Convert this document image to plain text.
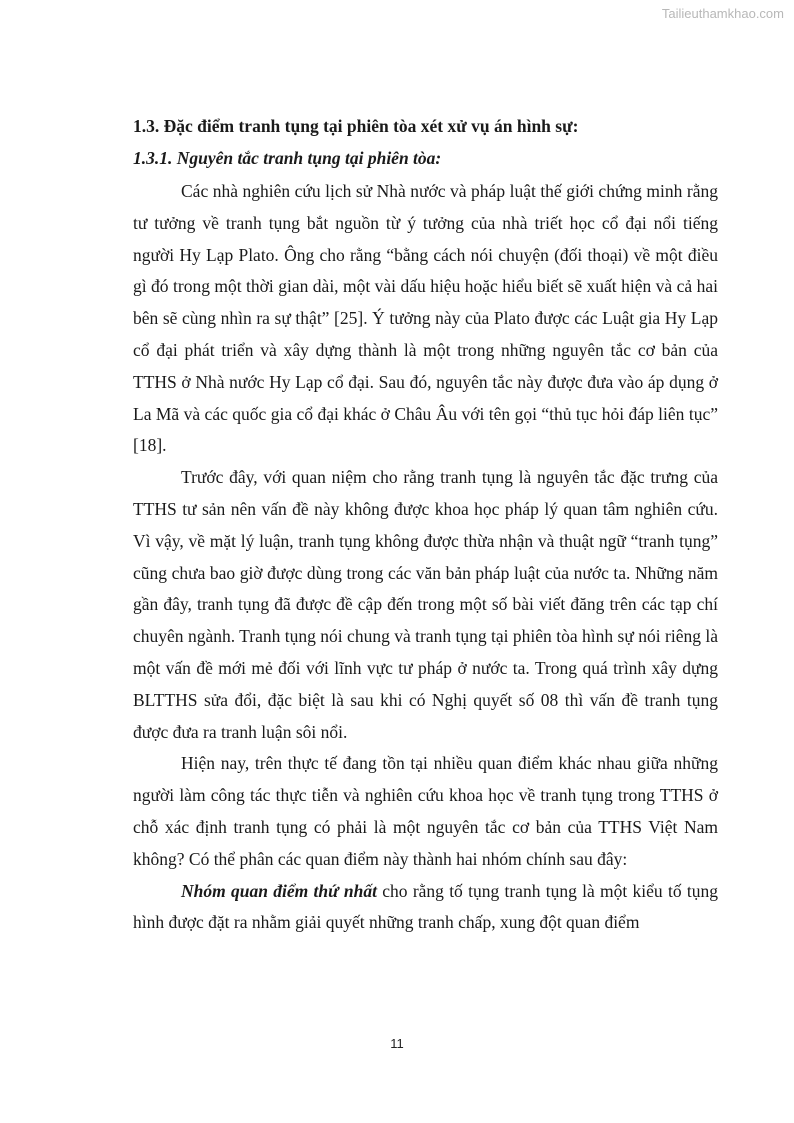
Tailieuthamkhao.com
1.3. Đặc điểm tranh tụng tại phiên tòa xét xử vụ án hình sự:
1.3.1. Nguyên tắc tranh tụng tại phiên tòa:

Các nhà nghiên cứu lịch sử Nhà nước và pháp luật thế giới chứng minh rằng tư tưởng về tranh tụng bắt nguồn từ ý tưởng của nhà triết học cổ đại nổi tiếng người Hy Lạp Plato. Ông cho rằng “bằng cách nói chuyện (đối thoại) về một điều gì đó trong một thời gian dài, một vài dấu hiệu hoặc hiểu biết sẽ xuất hiện và cả hai bên sẽ cùng nhìn ra sự thật” [25]. Ý tưởng này của Plato được các Luật gia Hy Lạp cổ đại phát triển và xây dựng thành là một trong những nguyên tắc cơ bản của TTHS ở Nhà nước Hy Lạp cổ đại. Sau đó, nguyên tắc này được đưa vào áp dụng ở La Mã và các quốc gia cổ đại khác ở Châu Âu với tên gọi “thủ tục hỏi đáp liên tục” [18].

Trước đây, với quan niệm cho rằng tranh tụng là nguyên tắc đặc trưng của TTHS tư sản nên vấn đề này không được khoa học pháp lý quan tâm nghiên cứu. Vì vậy, về mặt lý luận, tranh tụng không được thừa nhận và thuật ngữ “tranh tụng” cũng chưa bao giờ được dùng trong các văn bản pháp luật của nước ta. Những năm gần đây, tranh tụng đã được đề cập đến trong một số bài viết đăng trên các tạp chí chuyên ngành. Tranh tụng nói chung và tranh tụng tại phiên tòa hình sự nói riêng là một vấn đề mới mẻ đối với lĩnh vực tư pháp ở nước ta. Trong quá trình xây dựng BLTTHS sửa đổi, đặc biệt là sau khi có Nghị quyết số 08 thì vấn đề tranh tụng được đưa ra tranh luận sôi nổi.

Hiện nay, trên thực tế đang tồn tại nhiều quan điểm khác nhau giữa những người làm công tác thực tiễn và nghiên cứu khoa học về tranh tụng trong TTHS ở chỗ xác định tranh tụng có phải là một nguyên tắc cơ bản của TTHS Việt Nam không? Có thể phân các quan điểm này thành hai nhóm chính sau đây:

Nhóm quan điểm thứ nhất cho rằng tố tụng tranh tụng là một kiểu tố tụng hình được đặt ra nhằm giải quyết những tranh chấp, xung đột quan điểm

11
